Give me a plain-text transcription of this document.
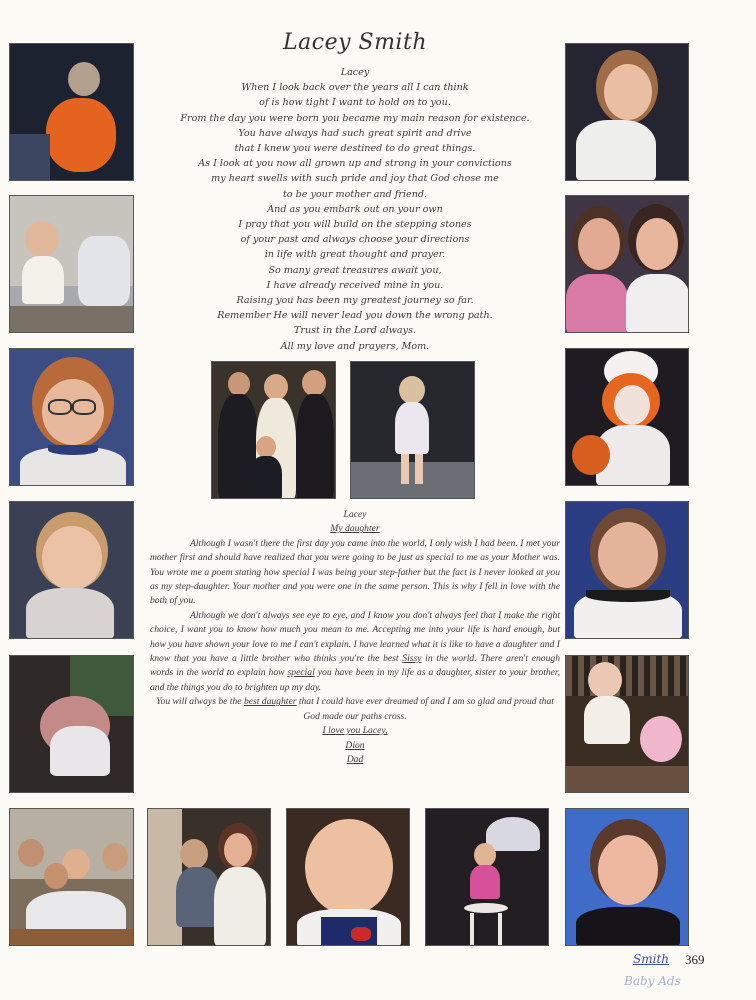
Lacey Smith
Lacey
When I look back over the years all I can think
of is how tight I want to hold on to you.
From the day you were born you became my main reason for existence.
You have always had such great spirit and drive
that I knew you were destined to do great things.
As I look at you now all grown up and strong in your convictions
my heart swells with such pride and joy that God chose me
to be your mother and friend.
And as you embark out on your own
I pray that you will build on the stepping stones
of your past and always choose your directions
in life with great thought and prayer.
So many great treasures await you,
I have already received mine in you.
Raising you has been my greatest journey so far.
Remember He will never lead you down the wrong path.
Trust in the Lord always.
All my love and prayers, Mom.
Lacey
My daughter

Although I wasn't there the first day you came into the world, I only wish I had been. I met your mother first and should have realized that you were going to be just as special to me as your Mother was. You wrote me a poem stating how special I was being your step-father but the fact is I never looked at you as my step-daughter. Your mother and you were one in the same person. This is why I fell in love with the both of you.

Although we don't always see eye to eye, and I know you don't always feel that I make the right choice, I want you to know how much you mean to me. Accepting me into your life is hard enough, but how you have shown your love to me I can't explain. I have learned what it is like to have a daughter and I know that you have a little brother who thinks you're the best Sissy in the world. There aren't enough words in the world to explain how special you have been in my life as a daughter, sister to your brother, and the things you do to brighten up my day.

You will always be the best daughter that I could have ever dreamed of and I am so glad and proud that God made our paths cross.

I love you Lacey,
Dion
Dad
Smith 369
Baby Ads
